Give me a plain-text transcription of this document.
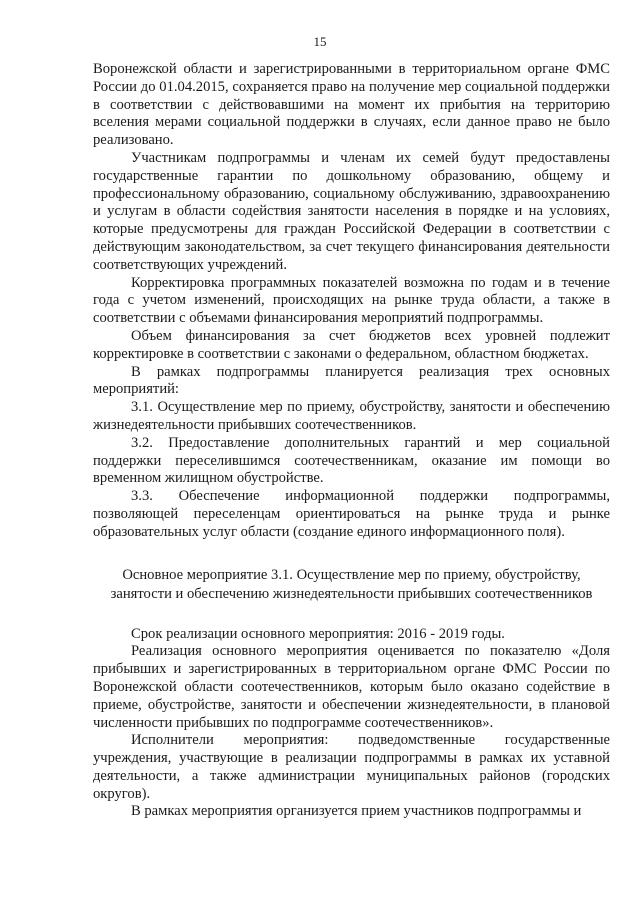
15

Воронежской области и зарегистрированными в территориальном органе ФМС России до 01.04.2015, сохраняется право на получение мер социальной поддержки в соответствии с действовавшими на момент их прибытия на территорию вселения мерами социальной поддержки в случаях, если данное право не было реализовано.

Участникам подпрограммы и членам их семей будут предоставлены государственные гарантии по дошкольному образованию, общему и профессиональному образованию, социальному обслуживанию, здравоохранению и услугам в области содействия занятости населения в порядке и на условиях, которые предусмотрены для граждан Российской Федерации в соответствии с действующим законодательством, за счет текущего финансирования деятельности соответствующих учреждений.

Корректировка программных показателей возможна по годам и в течение года с учетом изменений, происходящих на рынке труда области, а также в соответствии с объемами финансирования мероприятий подпрограммы.

Объем финансирования за счет бюджетов всех уровней подлежит корректировке в соответствии с законами о федеральном, областном бюджетах.

В рамках подпрограммы планируется реализация трех основных мероприятий:

3.1. Осуществление мер по приему, обустройству, занятости и обеспечению жизнедеятельности прибывших соотечественников.

3.2. Предоставление дополнительных гарантий и мер социальной поддержки переселившимся соотечественникам, оказание им помощи во временном жилищном обустройстве.

3.3. Обеспечение информационной поддержки подпрограммы, позволяющей переселенцам ориентироваться на рынке труда и рынке образовательных услуг области (создание единого информационного поля).

Основное мероприятие 3.1. Осуществление мер по приему, обустройству,
занятости и обеспечению жизнедеятельности прибывших соотечественников

Срок реализации основного мероприятия: 2016 - 2019 годы.

Реализация основного мероприятия оценивается по показателю «Доля прибывших и зарегистрированных в территориальном органе ФМС России по Воронежской области соотечественников, которым было оказано содействие в приеме, обустройстве, занятости и обеспечении жизнедеятельности, в плановой численности прибывших по подпрограмме соотечественников».

Исполнители мероприятия: подведомственные государственные учреждения, участвующие в реализации подпрограммы в рамках их уставной деятельности, а также администрации муниципальных районов (городских округов).

В рамках мероприятия организуется прием участников подпрограммы и
